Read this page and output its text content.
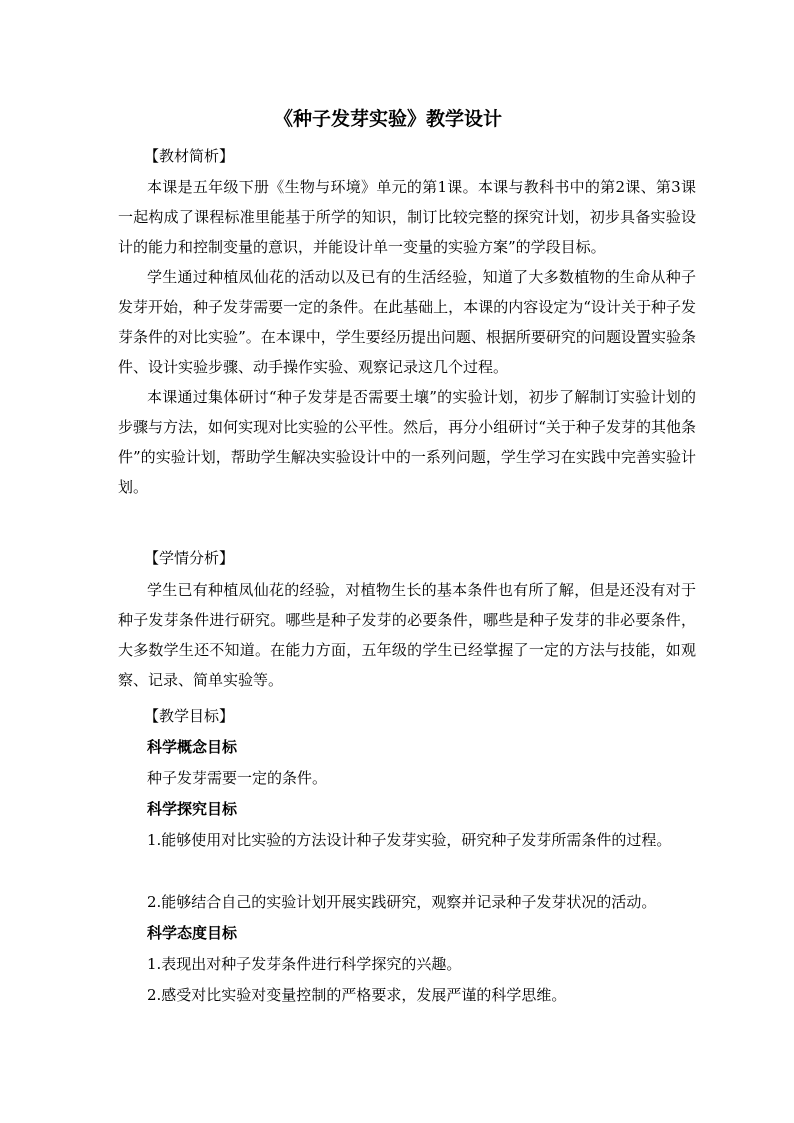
《种子发芽实验》教学设计
【教材简析】

本课是五年级下册《生物与环境》单元的第1课。本课与教科书中的第2课、第3课一起构成了课程标准里能基于所学的知识，制订比较完整的探究计划，初步具备实验设计的能力和控制变量的意识，并能设计单一变量的实验方案”的学段目标。

学生通过种植凤仙花的活动以及已有的生活经验，知道了大多数植物的生命从种子发芽开始，种子发芽需要一定的条件。在此基础上，本课的内容设定为“设计关于种子发芽条件的对比实验”。在本课中，学生要经历提出问题、根据所要研究的问题设置实验条件、设计实验步骤、动手操作实验、观察记录这几个过程。

本课通过集体研讨“种子发芽是否需要土壤”的实验计划，初步了解制订实验计划的步骤与方法，如何实现对比实验的公平性。然后，再分小组研讨“关于种子发芽的其他条件”的实验计划，帮助学生解决实验设计中的一系列问题，学生学习在实践中完善实验计划。

【学情分析】

学生已有种植凤仙花的经验，对植物生长的基本条件也有所了解，但是还没有对于种子发芽条件进行研究。哪些是种子发芽的必要条件，哪些是种子发芽的非必要条件，大多数学生还不知道。在能力方面，五年级的学生已经掌握了一定的方法与技能，如观察、记录、简单实验等。

【教学目标】
科学概念目标
种子发芽需要一定的条件。
科学探究目标

1.能够使用对比实验的方法设计种子发芽实验，研究种子发芽所需条件的过程。

2.能够结合自己的实验计划开展实践研究，观察并记录种子发芽状况的活动。
科学态度目标
1.表现出对种子发芽条件进行科学探究的兴趣。
2.感受对比实验对变量控制的严格要求，发展严谨的科学思维。
